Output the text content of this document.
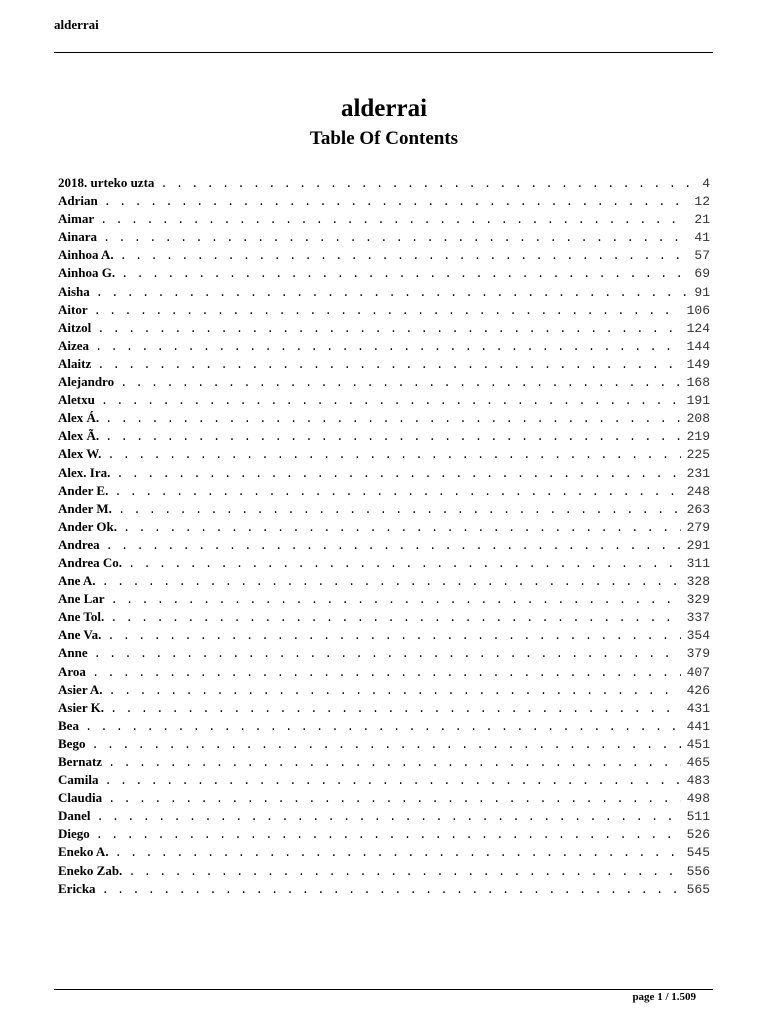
alderrai
alderrai
Table Of Contents
2018. urteko uzta . . .	4
Adrian . . .	12
Aimar . . .	21
Ainara . . .	41
Ainhoa A. . . .	57
Ainhoa G. . . .	69
Aisha . . .	91
Aitor . . .	106
Aitzol . . .	124
Aizea . . .	144
Alaitz . . .	149
Alejandro . . .	168
Aletxu . . .	191
Alex Á. . . .	208
Alex Ã. . . .	219
Alex W. . . .	225
Alex. Ira. . . .	231
Ander E. . . .	248
Ander M. . . .	263
Ander Ok. . . .	279
Andrea . . .	291
Andrea Co. . . .	311
Ane A. . . .	328
Ane Lar . . .	329
Ane Tol. . . .	337
Ane Va. . . .	354
Anne . . .	379
Aroa . . .	407
Asier A. . . .	426
Asier K. . . .	431
Bea . . .	441
Bego . . .	451
Bernatz . . .	465
Camila . . .	483
Claudia . . .	498
Danel . . .	511
Diego . . .	526
Eneko A. . . .	545
Eneko Zab. . . .	556
Ericka . . .	565
page 1 / 1.509
